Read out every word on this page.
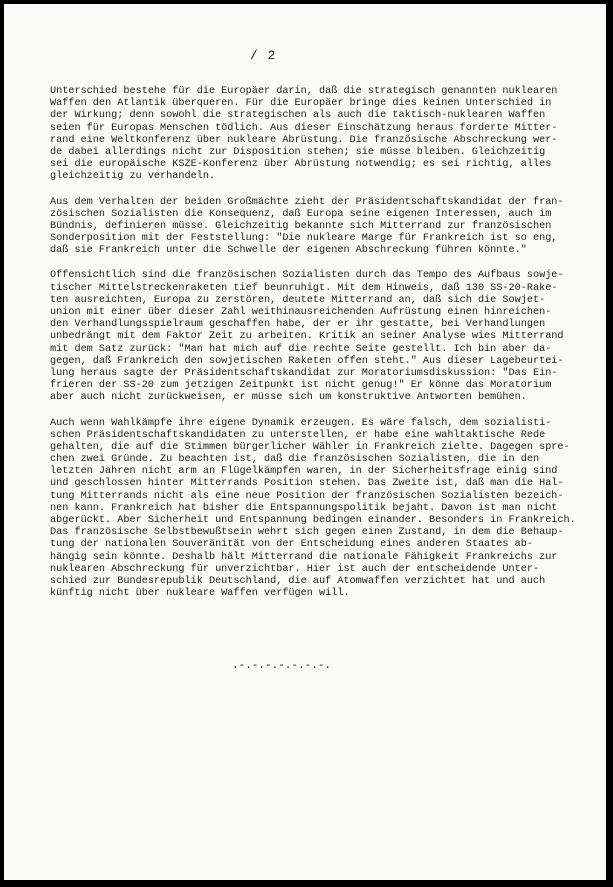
/ 2
Unterschied bestehe für die Europäer darin, daß die strategisch genannten nuklearen
Waffen den Atlantik überqueren. Für die Europäer bringe dies keinen Unterschied in
der Wirkung; denn sowohl die strategischen als auch die taktisch-nuklearen Waffen
seien für Europas Menschen tödlich. Aus dieser Einschätzung heraus forderte Mitter-
rand eine Weltkonferenz über nukleare Abrüstung. Die französische Abschreckung wer-
de dabei allerdings nicht zur Disposition stehen; sie müsse bleiben. Gleichzeitig
sei die europäische KSZE-Konferenz über Abrüstung notwendig; es sei richtig, alles
gleichzeitig zu verhandeln.
Aus dem Verhalten der beiden Großmächte zieht der Präsidentschaftskandidat der fran-
zösischen Sozialisten die Konsequenz, daß Europa seine eigenen Interessen, auch im
Bündnis, definieren müsse. Gleichzeitig bekannte sich Mitterrand zur französischen
Sonderposition mit der Feststellung: "Die nukleare Marge für Frankreich ist so eng,
daß sie Frankreich unter die Schwelle der eigenen Abschreckung führen könnte."
Offensichtlich sind die französischen Sozialisten durch das Tempo des Aufbaus sowje-
tischer Mittelstreckenraketen tief beunruhigt. Mit dem Hinweis, daß 130 SS-20-Rake-
ten ausreichten, Europa zu zerstören, deutete Mitterrand an, daß sich die Sowjet-
union mit einer über dieser Zahl weithinausreichenden Aufrüstung einen hinreichen-
den Verhandlungsspielraum geschaffen habe, der er ihr gestatte, bei Verhandlungen
unbedrängt mit dem Faktor Zeit zu arbeiten. Kritik an seiner Analyse wies Mitterrand
mit dem Satz zurück: "Man hat mich auf die rechte Seite gestellt. Ich bin aber da-
gegen, daß Frankreich den sowjetischen Raketen offen steht." Aus dieser Lagebeurtei-
lung heraus sagte der Präsidentschaftskandidat zur Moratoriumsdiskussion: "Das Ein-
frieren der SS-20 zum jetzigen Zeitpunkt ist nicht genug!" Er könne das Moratorium
aber auch nicht zurückweisen, er müsse sich um konstruktive Antworten bemühen.
Auch wenn Wahlkämpfe ihre eigene Dynamik erzeugen. Es wäre falsch, dem sozialisti-
schen Präsidentschaftskandidaten zu unterstellen, er habe eine wahltaktische Rede
gehalten, die auf die Stimmen bürgerlicher Wähler in Frankreich zielte. Dagegen spre-
chen zwei Gründe. Zu beachten ist, daß die französischen Sozialisten, die in den
letzten Jahren nicht arm an Flügelkämpfen waren, in der Sicherheitsfrage einig sind
und geschlossen hinter Mitterrands Position stehen. Das Zweite ist, daß man die Hal-
tung Mitterrands nicht als eine neue Position der französischen Sozialisten bezeich-
nen kann. Frankreich hat bisher die Entspannungspolitik bejaht. Davon ist man nicht
abgerückt. Aber Sicherheit und Entspannung bedingen einander. Besonders in Frankreich.
Das französische Selbstbewußtsein wehrt sich gegen einen Zustand, in dem die Behaup-
tung der nationalen Souveränität von der Entscheidung eines anderen Staates ab-
hängig sein könnte. Deshalb hält Mitterrand die nationale Fähigkeit Frankreichs zur
nuklearen Abschreckung für unverzichtbar. Hier ist auch der entscheidende Unter-
schied zur Bundesrepublik Deutschland, die auf Atomwaffen verzichtet hat und auch
künftig nicht über nukleare Waffen verfügen will.
.-.-.-.-.-.-.-.
